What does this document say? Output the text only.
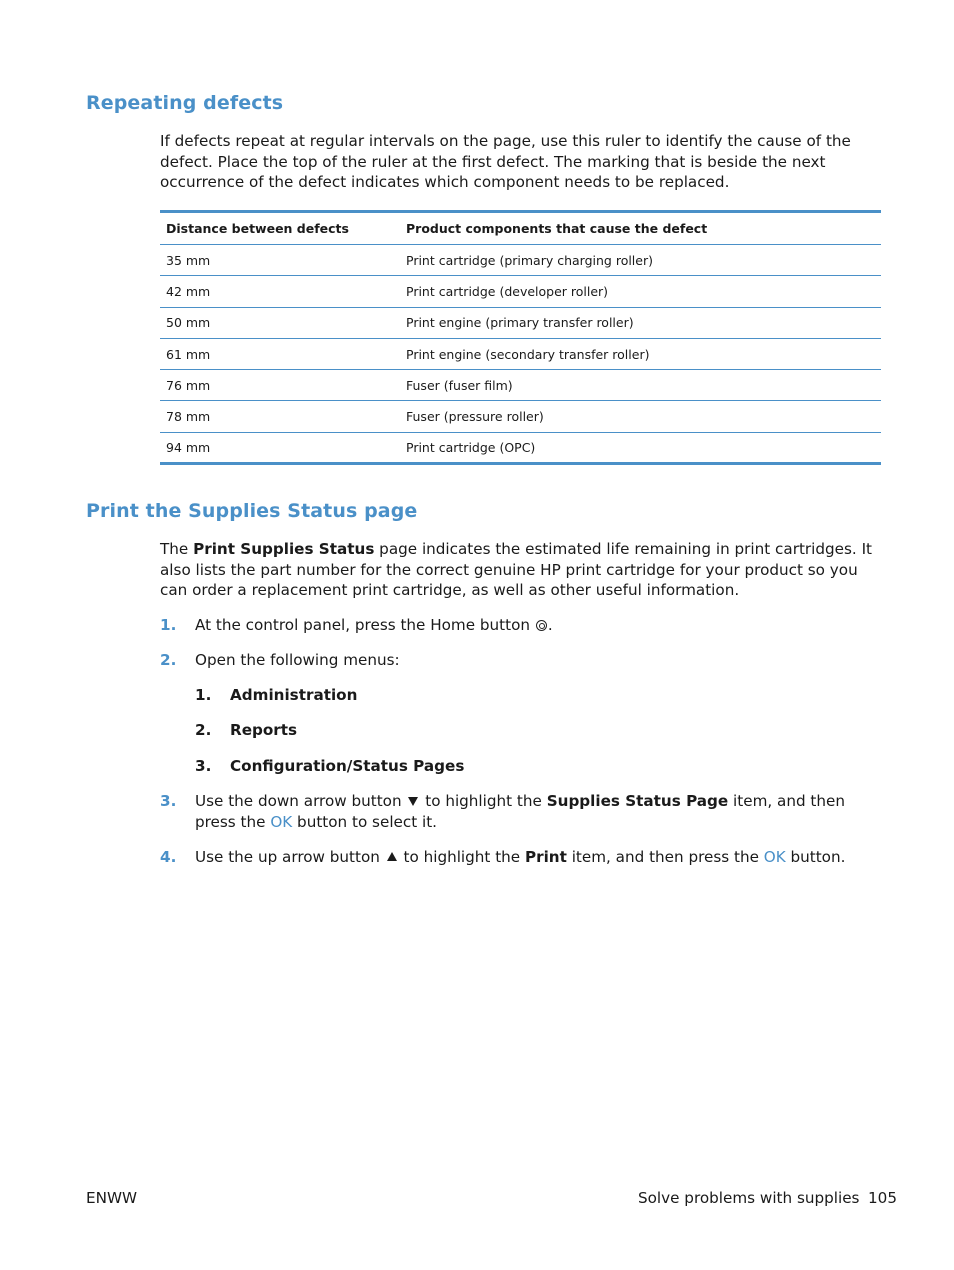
Repeating defects

If defects repeat at regular intervals on the page, use this ruler to identify the cause of the defect. Place the top of the ruler at the first defect. The marking that is beside the next occurrence of the defect indicates which component needs to be replaced.

Distance between defects	Product components that cause the defect
35 mm	Print cartridge (primary charging roller)
42 mm	Print cartridge (developer roller)
50 mm	Print engine (primary transfer roller)
61 mm	Print engine (secondary transfer roller)
76 mm	Fuser (fuser film)
78 mm	Fuser (pressure roller)
94 mm	Print cartridge (OPC)
Print the Supplies Status page

The Print Supplies Status page indicates the estimated life remaining in print cartridges. It also lists the part number for the correct genuine HP print cartridge for your product so you can order a replacement print cartridge, as well as other useful information.

1. At the control panel, press the Home button .
2. Open the following menus:
1. Administration
2. Reports
3. Configuration/Status Pages
3. Use the down arrow button  to highlight the Supplies Status Page item, and then press the OK button to select it.
4. Use the up arrow button  to highlight the Print item, and then press the OK button.
ENWW	Solve problems with supplies 105
